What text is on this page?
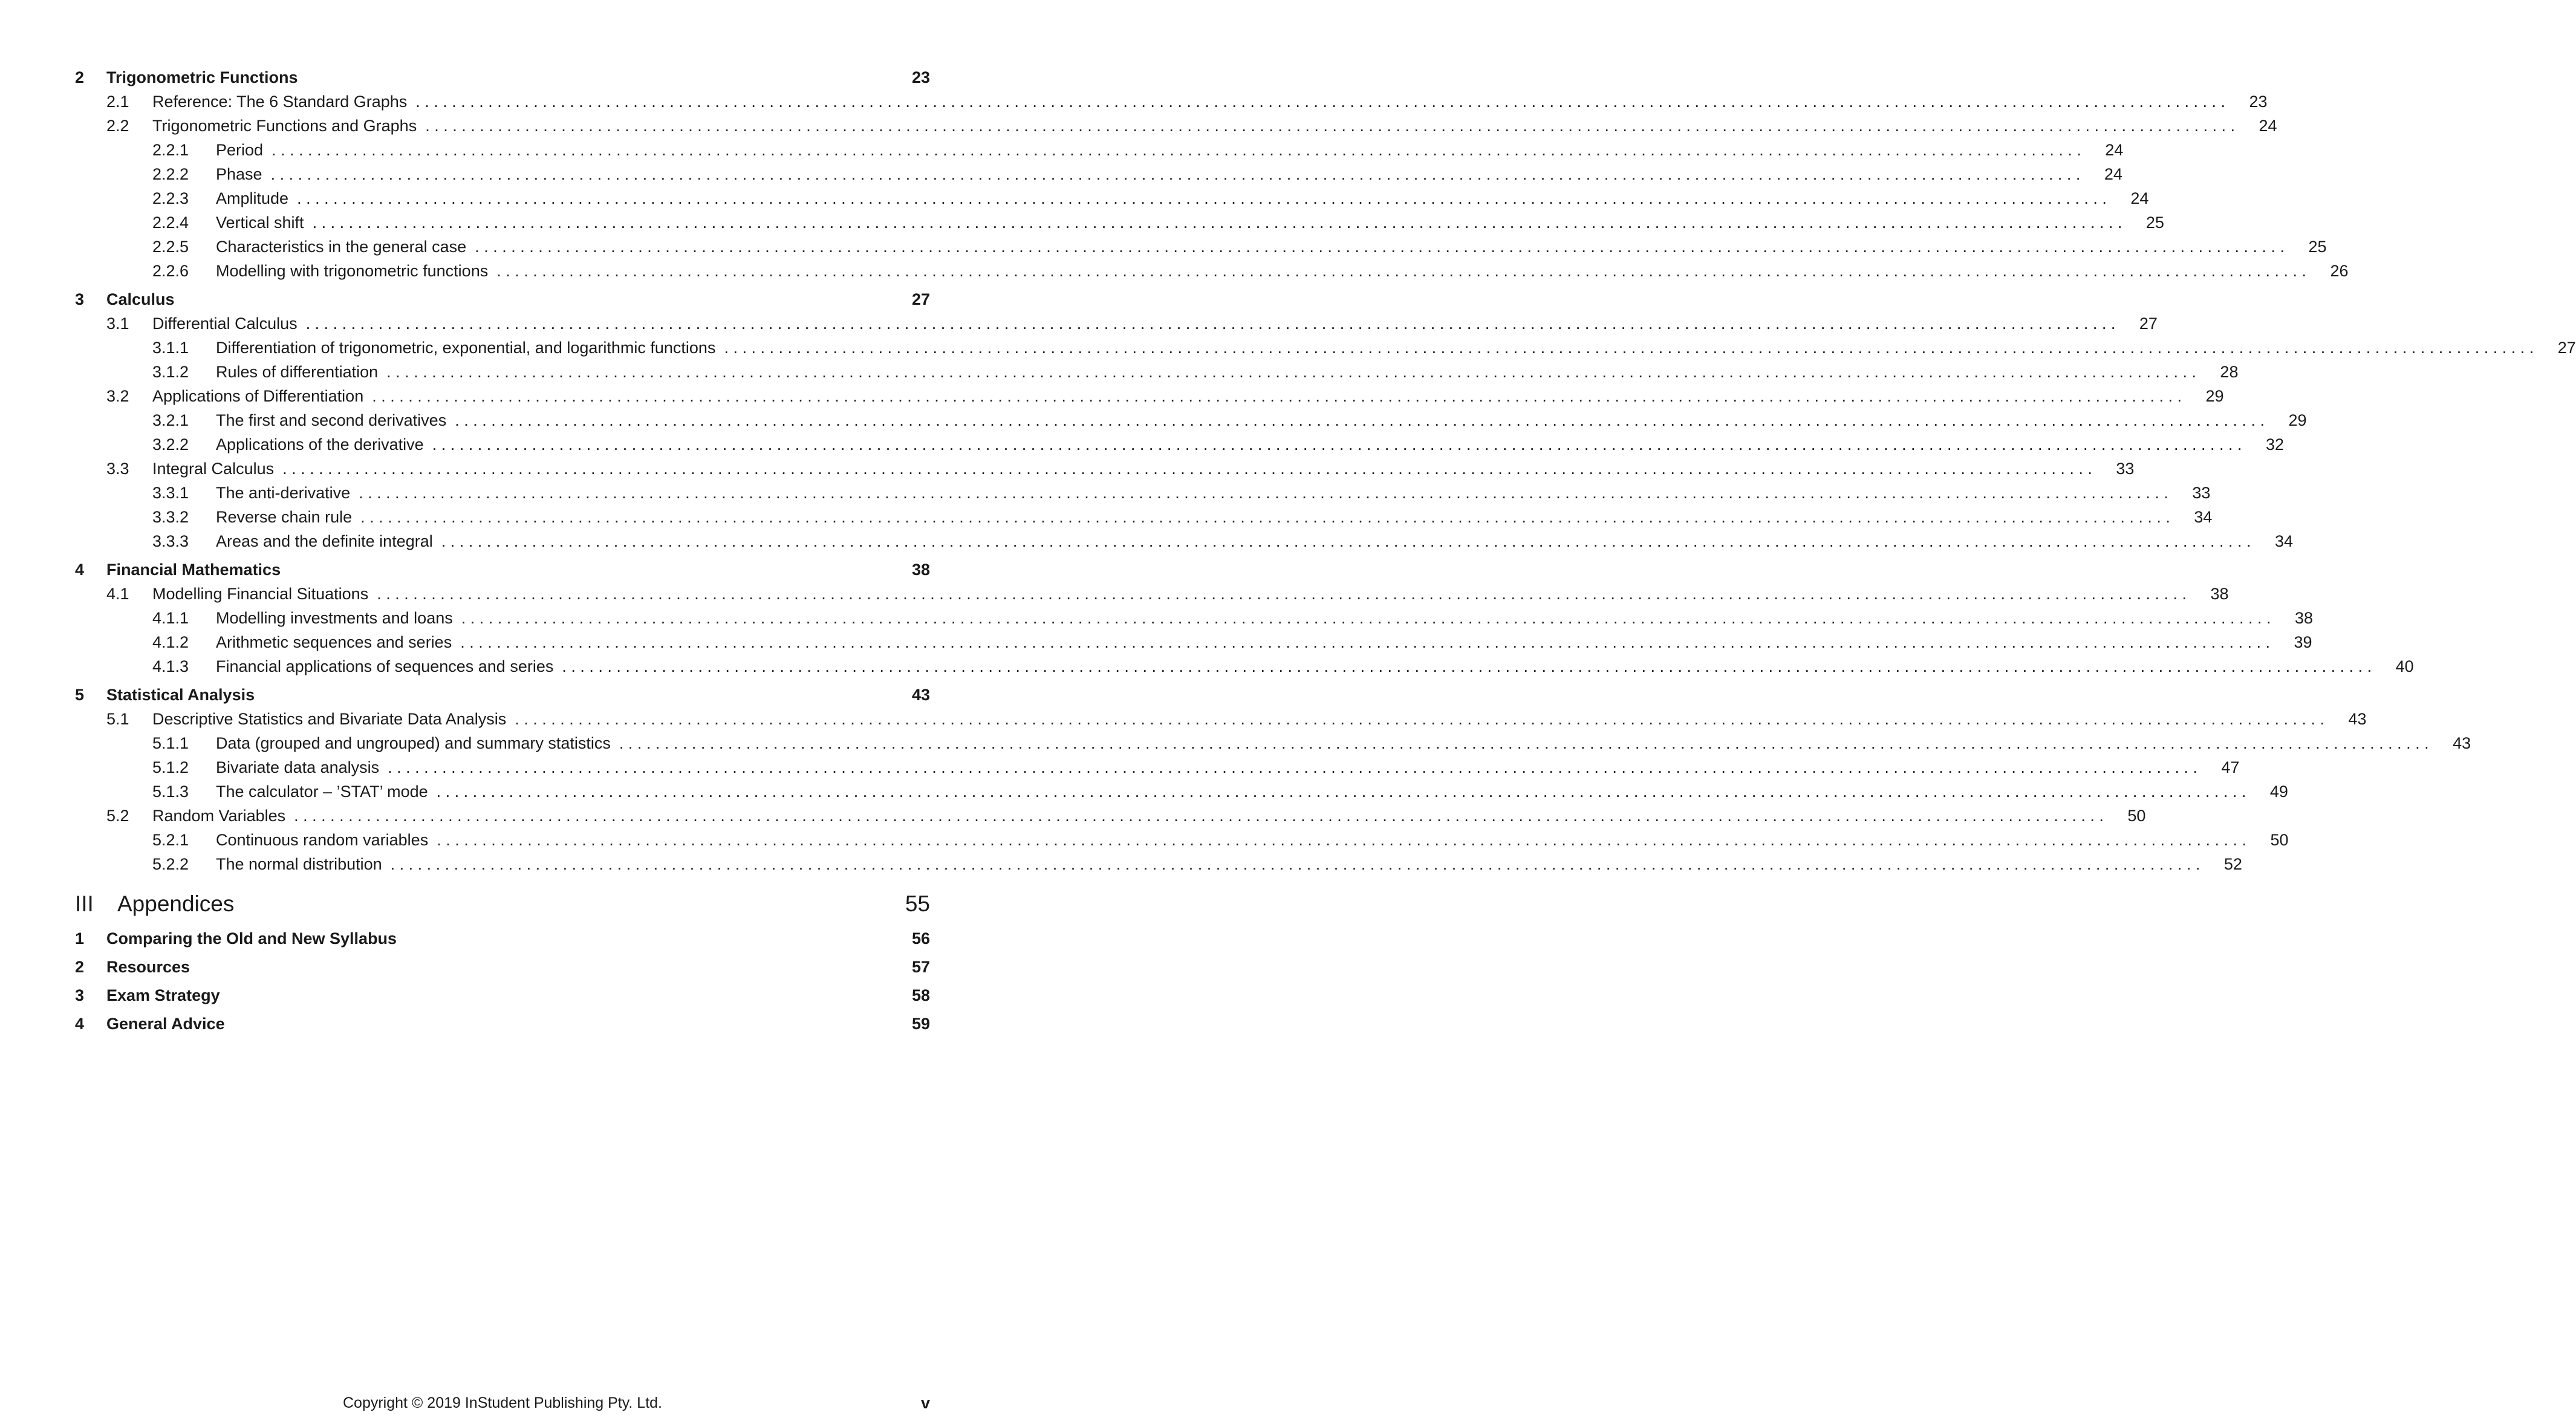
2	Trigonometric Functions	23
2.1	Reference: The 6 Standard Graphs ........................................................................................................................................................................................................	23
2.2	Trigonometric Functions and Graphs ........................................................................................................................................................................................................	24
2.2.1	Period ........................................................................................................................................................................................................	24
2.2.2	Phase ........................................................................................................................................................................................................	24
2.2.3	Amplitude ........................................................................................................................................................................................................	24
2.2.4	Vertical shift ........................................................................................................................................................................................................	25
2.2.5	Characteristics in the general case ........................................................................................................................................................................................................	25
2.2.6	Modelling with trigonometric functions ........................................................................................................................................................................................................	26
3	Calculus	27
3.1	Differential Calculus ........................................................................................................................................................................................................	27
3.1.1	Differentiation of trigonometric, exponential, and logarithmic functions ........................................................................................................................................................................................................	27
3.1.2	Rules of differentiation ........................................................................................................................................................................................................	28
3.2	Applications of Differentiation ........................................................................................................................................................................................................	29
3.2.1	The first and second derivatives ........................................................................................................................................................................................................	29
3.2.2	Applications of the derivative ........................................................................................................................................................................................................	32
3.3	Integral Calculus ........................................................................................................................................................................................................	33
3.3.1	The anti-derivative ........................................................................................................................................................................................................	33
3.3.2	Reverse chain rule ........................................................................................................................................................................................................	34
3.3.3	Areas and the definite integral ........................................................................................................................................................................................................	34
4	Financial Mathematics	38
4.1	Modelling Financial Situations ........................................................................................................................................................................................................	38
4.1.1	Modelling investments and loans ........................................................................................................................................................................................................	38
4.1.2	Arithmetic sequences and series ........................................................................................................................................................................................................	39
4.1.3	Financial applications of sequences and series ........................................................................................................................................................................................................	40
5	Statistical Analysis	43
5.1	Descriptive Statistics and Bivariate Data Analysis ........................................................................................................................................................................................................	43
5.1.1	Data (grouped and ungrouped) and summary statistics ........................................................................................................................................................................................................	43
5.1.2	Bivariate data analysis ........................................................................................................................................................................................................	47
5.1.3	The calculator – ’STAT’ mode ........................................................................................................................................................................................................	49
5.2	Random Variables ........................................................................................................................................................................................................	50
5.2.1	Continuous random variables ........................................................................................................................................................................................................	50
5.2.2	The normal distribution ........................................................................................................................................................................................................	52
III	Appendices	55
1	Comparing the Old and New Syllabus	56
2	Resources	57
3	Exam Strategy	58
4	General Advice	59
Copyright © 2019 InStudent Publishing Pty. Ltd.	v
